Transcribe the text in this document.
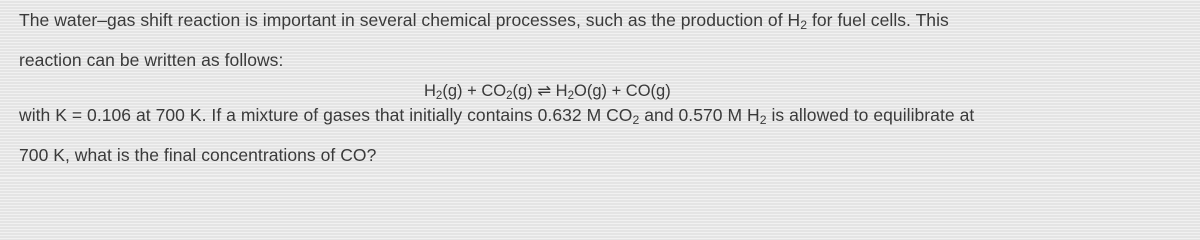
The water–gas shift reaction is important in several chemical processes, such as the production of $H_2$ for fuel cells. This
reaction can be written as follows:
$H_2(g) + CO_2(g)$ ⇌ $H_2O(g) + CO(g)$
with K = 0.106 at 700 K. If a mixture of gases that initially contains 0.632 M $CO_2$ and 0.570 M $H_2$ is allowed to equilibrate at
700 K, what is the final concentrations of CO?
